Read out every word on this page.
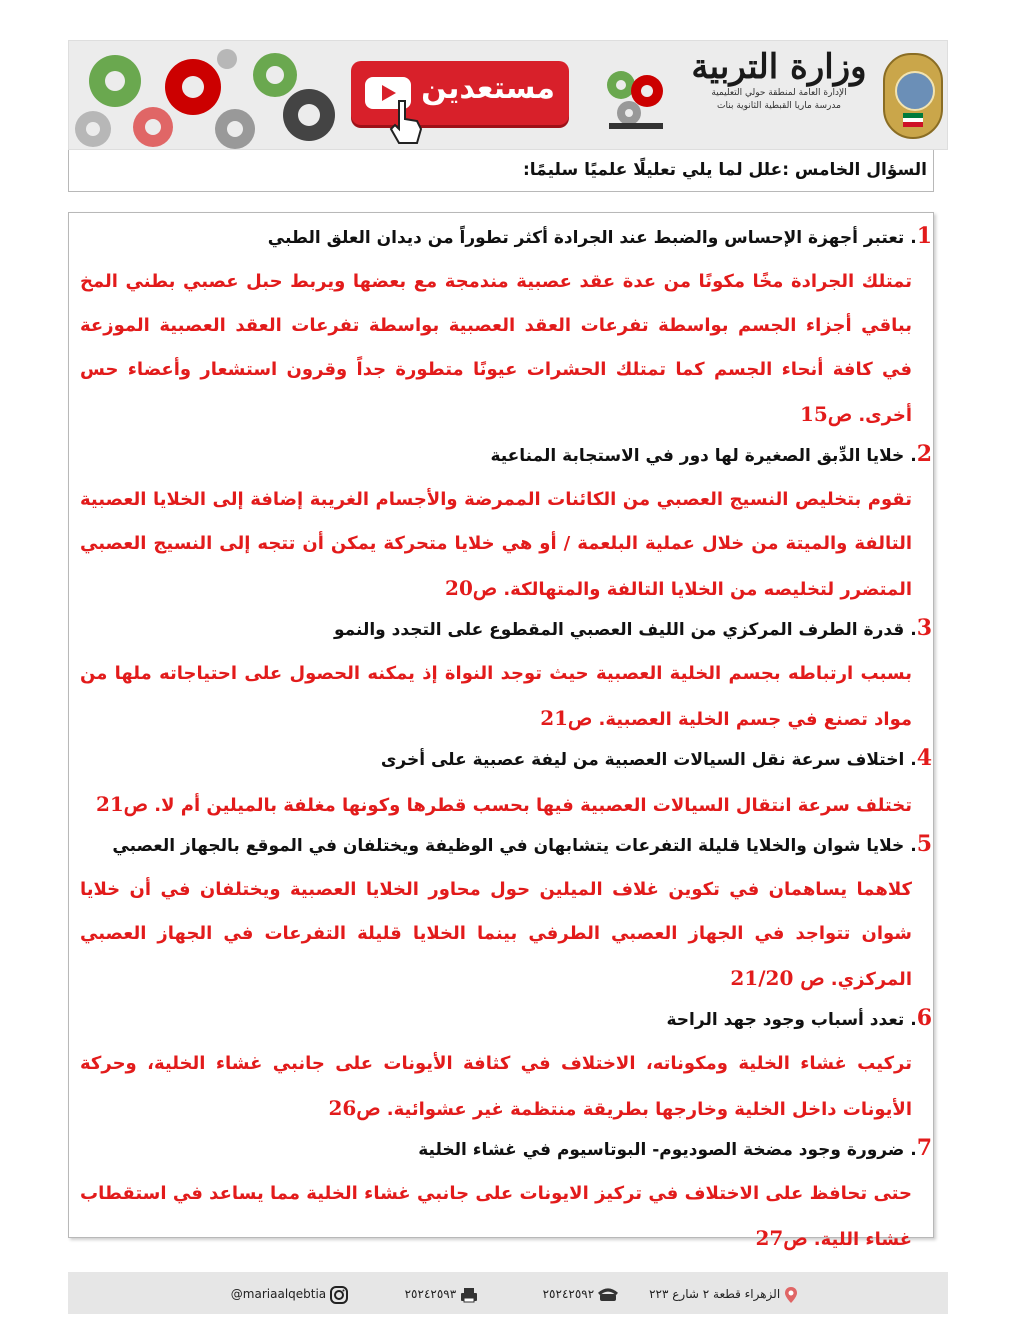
مستعدين
وزارة التربية
الإدارة العامة لمنطقة حولي التعليمية
مدرسة ماريا القبطية الثانوية بنات
السؤال الخامس :علل لما يلي تعليلًا علميًا سليمًا:
1. تعتبر أجهزة الإحساس والضبط عند الجرادة أكثر تطوراً من ديدان العلق الطبي
تمتلك الجرادة مخًا مكونًا من عدة عقد عصبية مندمجة مع بعضها ويربط حبل عصبي بطني المخ بباقي أجزاء الجسم بواسطة تفرعات العقد العصبية بواسطة تفرعات العقد العصبية الموزعة في كافة أنحاء الجسم كما تمتلك الحشرات عيونًا متطورة جداً وقرون استشعار وأعضاء حس أخرى. ص15
2. خلايا الدِّبق الصغيرة لها دور في الاستجابة المناعية
تقوم بتخليص النسيج العصبي من الكائنات الممرضة والأجسام الغريبة إضافة إلى الخلايا العصبية التالفة والميتة من خلال عملية البلعمة / أو هي خلايا متحركة يمكن أن تتجه إلى النسيج العصبي المتضرر لتخليصه من الخلايا التالفة والمتهالكة. ص20
3. قدرة الطرف المركزي من الليف العصبي المقطوع على التجدد والنمو
بسبب ارتباطه بجسم الخلية العصبية حيث توجد النواة إذ يمكنه الحصول على احتياجاته ملها من مواد تصنع في جسم الخلية العصبية. ص21
4. اختلاف سرعة نقل السيالات العصبية من ليفة عصبية على أخرى
تختلف سرعة انتقال السيالات العصبية فيها بحسب قطرها وكونها مغلفة بالميلين أم لا. ص21
5. خلايا شوان والخلايا قليلة التفرعات يتشابهان في الوظيفة ويختلفان في الموقع بالجهاز العصبي
كلاهما يساهمان في تكوين غلاف الميلين حول محاور الخلايا العصبية ويختلفان في أن خلايا شوان تتواجد في الجهاز العصبي الطرفي بينما الخلايا قليلة التفرعات في الجهاز العصبي المركزي. ص 21/20
6. تعدد أسباب وجود جهد الراحة
تركيب غشاء الخلية ومكوناته، الاختلاف في كثافة الأيونات على جانبي غشاء الخلية، وحركة الأيونات داخل الخلية وخارجها بطريقة منتظمة غير عشوائية. ص26
7. ضرورة وجود مضخة الصوديوم- البوتاسيوم في غشاء الخلية
حتى تحافظ على الاختلاف في تركيز الايونات على جانبي غشاء الخلية مما يساعد في استقطاب غشاء اللية. ص27
الزهراء قطعة ٢ شارع ٢٢٣
٢٥٢٤٢٥٩٢
٢٥٢٤٢٥٩٣
@mariaalqebtia
